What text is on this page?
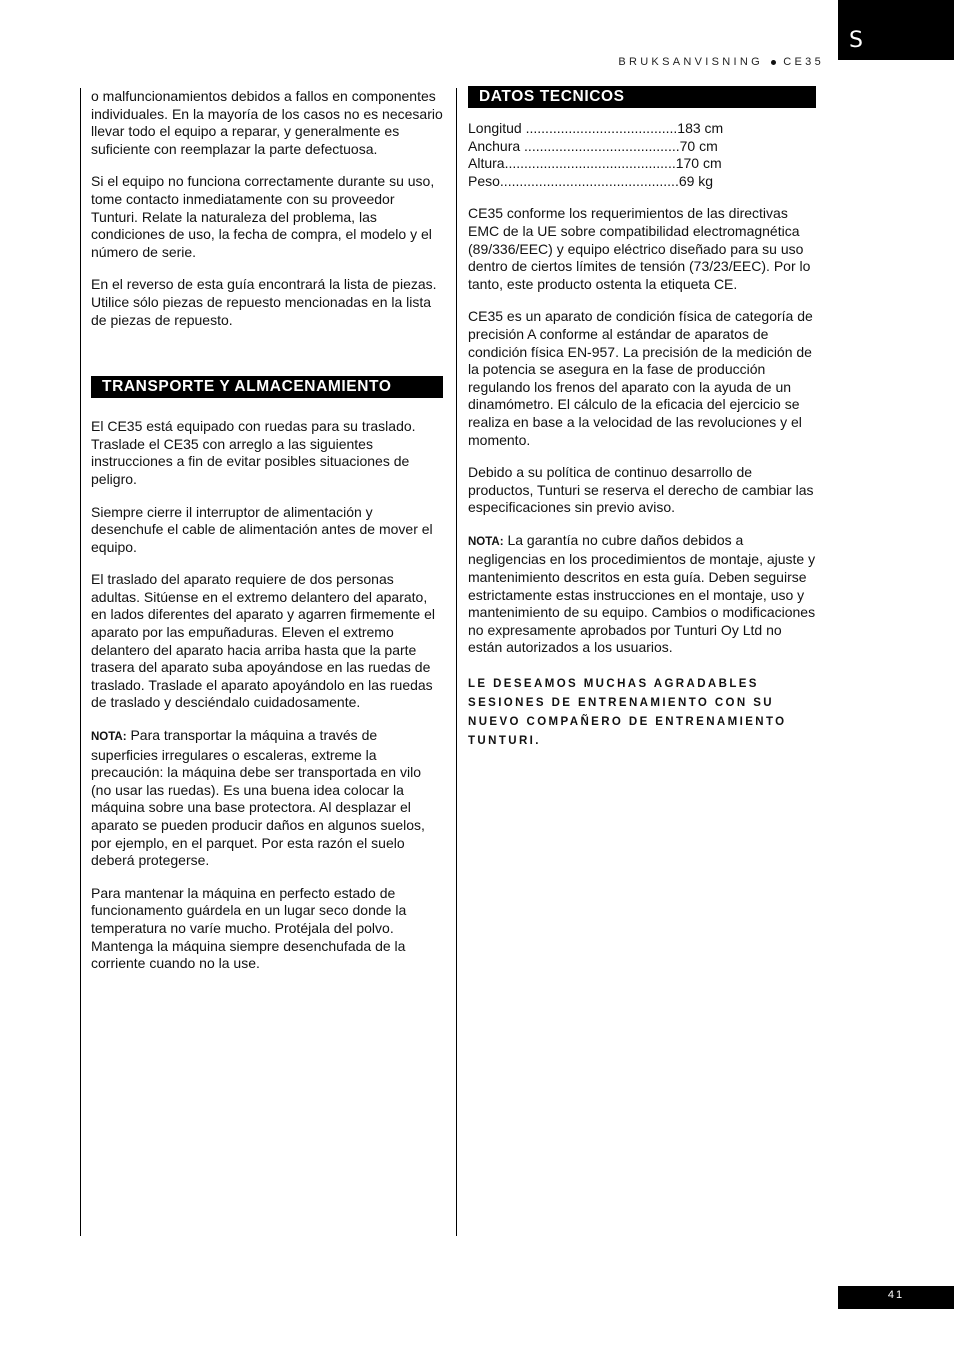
S
BRUKSANVISNING CE35

o malfuncionamientos debidos a fallos en componentes individuales. En la mayoría de los casos no es necesario llevar todo el equipo a reparar, y generalmente es suficiente con reemplazar la parte defectuosa.

Si el equipo no funciona correctamente durante su uso, tome contacto inmediatamente con su proveedor Tunturi. Relate la naturaleza del problema, las condiciones de uso, la fecha de compra, el modelo y el número de serie.

En el reverso de esta guía encontrará la lista de piezas. Utilice sólo piezas de repuesto mencionadas en la lista de piezas de repuesto.

TRANSPORTE Y ALMACENAMIENTO

El CE35 está equipado con ruedas para su traslado. Traslade el CE35 con arreglo a las siguientes instrucciones a fin de evitar posibles situaciones de peligro.

Siempre cierre il interruptor de alimentación y desenchufe el cable de alimentación antes de mover el equipo.

El traslado del aparato requiere de dos personas adultas. Sitúense en el extremo delantero del aparato, en lados diferentes del aparato y agarren firmemente el aparato por las empuñaduras. Eleven el extremo delantero del aparato hacia arriba hasta que la parte trasera del aparato suba apoyándose en las ruedas de traslado. Traslade el aparato apoyándolo en las ruedas de traslado y desciéndalo cuidadosamente.

NOTA: Para transportar la máquina a través de superficies irregulares o escaleras, extreme la precaución: la máquina debe ser transportada en vilo (no usar las ruedas). Es una buena idea colocar la máquina sobre una base protectora. Al desplazar el aparato se pueden producir daños en algunos suelos, por ejemplo, en el parquet. Por esta razón el suelo deberá protegerse.

Para mantenar la máquina en perfecto estado de funcionamento guárdela en un lugar seco donde la temperatura no varíe mucho. Protéjala del polvo. Mantenga la máquina siempre desenchufada de la corriente cuando no la use.

DATOS TECNICOS
Longitud .......................................183 cm
Anchura ........................................70 cm
Altura............................................170 cm
Peso..............................................69 kg

CE35 conforme los requerimientos de las directivas EMC de la UE sobre compatibilidad electromagnética (89/336/EEC) y equipo eléctrico diseñado para su uso dentro de ciertos límites de tensión (73/23/EEC). Por lo tanto, este producto ostenta la etiqueta CE.

CE35 es un aparato de condición física de categoría de precisión A conforme al estándar de aparatos de condición física EN-957. La precisión de la medición de la potencia se asegura en la fase de producción regulando los frenos del aparato con la ayuda de un dinamómetro. El cálculo de la eficacia del ejercicio se realiza en base a la velocidad de las revoluciones y el momento.

Debido a su política de continuo desarrollo de productos, Tunturi se reserva el derecho de cambiar las especificaciones sin previo aviso.

NOTA: La garantía no cubre daños debidos a negligencias en los procedimientos de montaje, ajuste y mantenimiento descritos en esta guía. Deben seguirse estrictamente estas instrucciones en el montaje, uso y mantenimiento de su equipo. Cambios o modificaciones no expresamente aprobados por Tunturi Oy Ltd no están autorizados a los usuarios.

LE DESEAMOS MUCHAS AGRADABLES SESIONES DE ENTRENAMIENTO CON SU NUEVO COMPAÑERO DE ENTRENAMIENTO TUNTURI.
41
